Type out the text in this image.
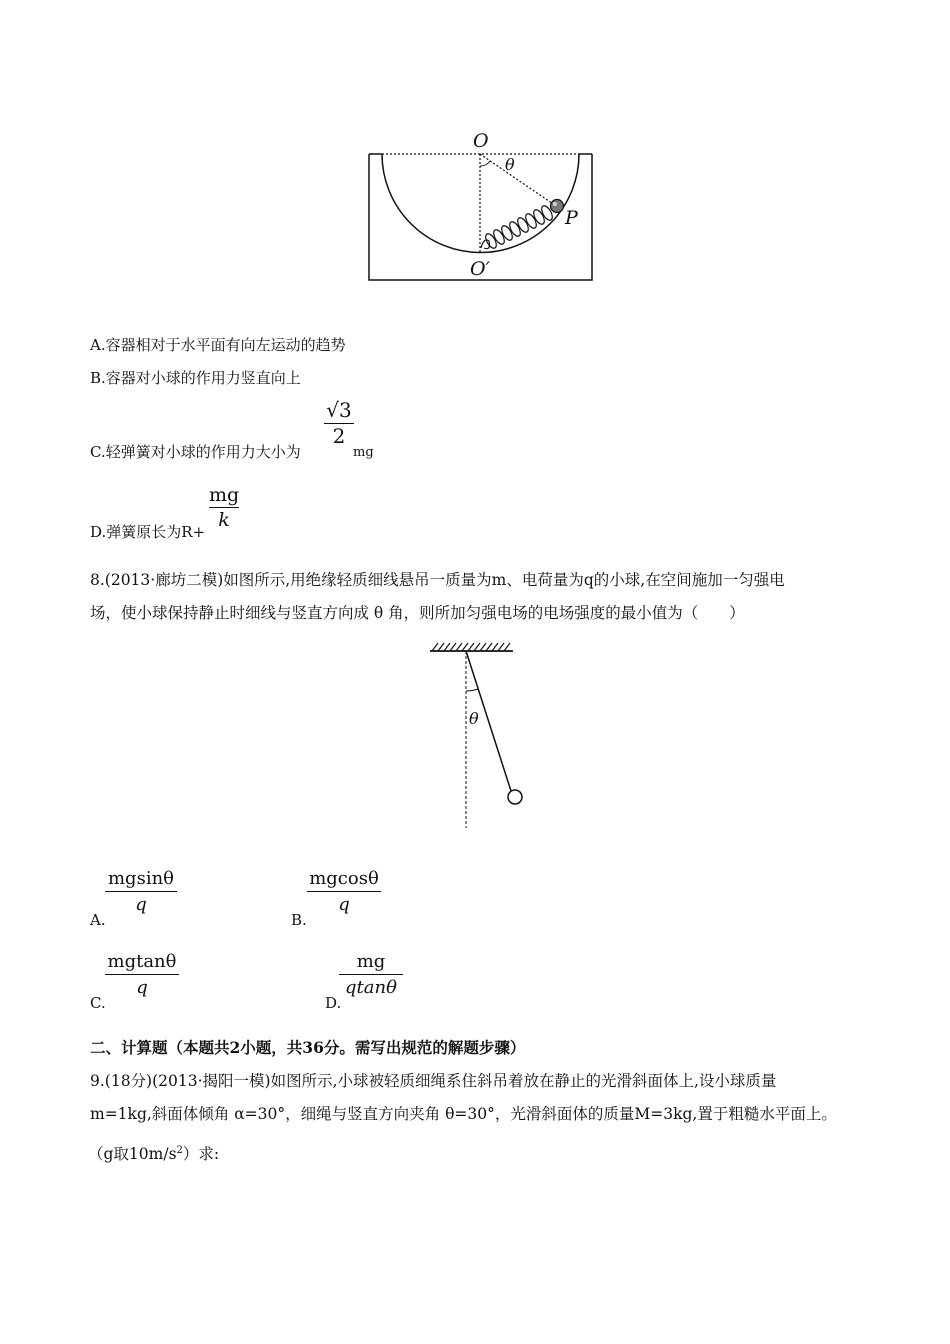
O
θ
P
O′
A.容器相对于水平面有向左运动的趋势
B.容器对小球的作用力竖直向上
C.轻弹簧对小球的作用力大小为
√3
2
mg
D.弹簧原长为R+
mg
k
8.(2013·廊坊二模)如图所示,用绝缘轻质细线悬吊一质量为m、电荷量为q的小球,在空间施加一匀强电
场，使小球保持静止时细线与竖直方向成 θ 角，则所加匀强电场的电场强度的最小值为（　　）
θ
A.
mgsinθ
q
B.
mgcosθ
q
C.
mgtanθ
q
D.
mg
qtanθ
二、计算题（本题共2小题，共36分。需写出规范的解题步骤）
9.(18分)(2013·揭阳一模)如图所示,小球被轻质细绳系住斜吊着放在静止的光滑斜面体上,设小球质量
m=1kg,斜面体倾角 α=30°，细绳与竖直方向夹角 θ=30°，光滑斜面体的质量M=3kg,置于粗糙水平面上。
（g取$10m/s^2$）求:
